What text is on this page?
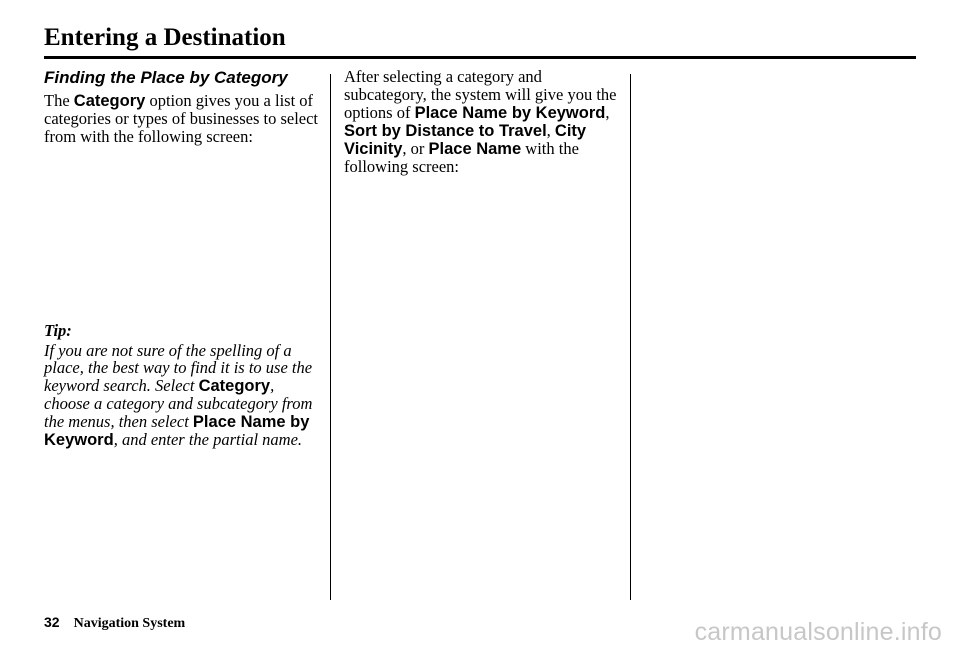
Entering a Destination
Finding the Place by Category

The Category option gives you a list of categories or types of businesses to select from with the following screen:

Tip:

If you are not sure of the spelling of a place, the best way to find it is to use the keyword search. Select Category, choose a category and subcategory from the menus, then select Place Name by Keyword, and enter the partial name.

After selecting a category and subcategory, the system will give you the options of Place Name by Keyword, Sort by Distance to Travel, City Vicinity, or Place Name with the following screen:

32 Navigation System	carmanualsonline.info
